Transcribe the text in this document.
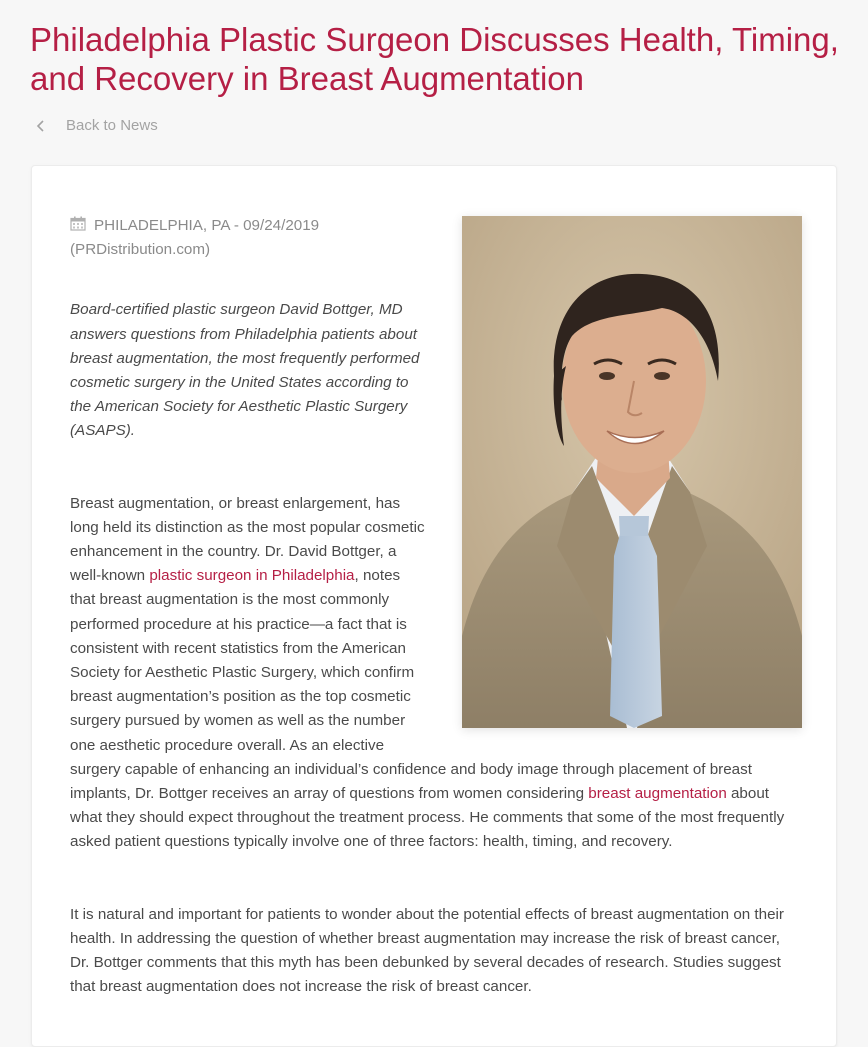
Philadelphia Plastic Surgeon Discusses Health, Timing, and Recovery in Breast Augmentation
Back to News

PHILADELPHIA, PA - 09/24/2019
(PRDistribution.com)

Board-certified plastic surgeon David Bottger, MD answers questions from Philadelphia patients about breast augmentation, the most frequently performed cosmetic surgery in the United States according to the American Society for Aesthetic Plastic Surgery (ASAPS).

Breast augmentation, or breast enlargement, has long held its distinction as the most popular cosmetic enhancement in the country. Dr. David Bottger, a well-known plastic surgeon in Philadelphia, notes that breast augmentation is the most commonly performed procedure at his practice—a fact that is consistent with recent statistics from the American Society for Aesthetic Plastic Surgery, which confirm breast augmentation’s position as the top cosmetic surgery pursued by women as well as the number one aesthetic procedure overall. As an elective surgery capable of enhancing an individual’s confidence and body image through placement of breast implants, Dr. Bottger receives an array of questions from women considering breast augmentation about what they should expect throughout the treatment process. He comments that some of the most frequently asked patient questions typically involve one of three factors: health, timing, and recovery.

It is natural and important for patients to wonder about the potential effects of breast augmentation on their health. In addressing the question of whether breast augmentation may increase the risk of breast cancer, Dr. Bottger comments that this myth has been debunked by several decades of research. Studies suggest that breast augmentation does not increase the risk of breast cancer.
